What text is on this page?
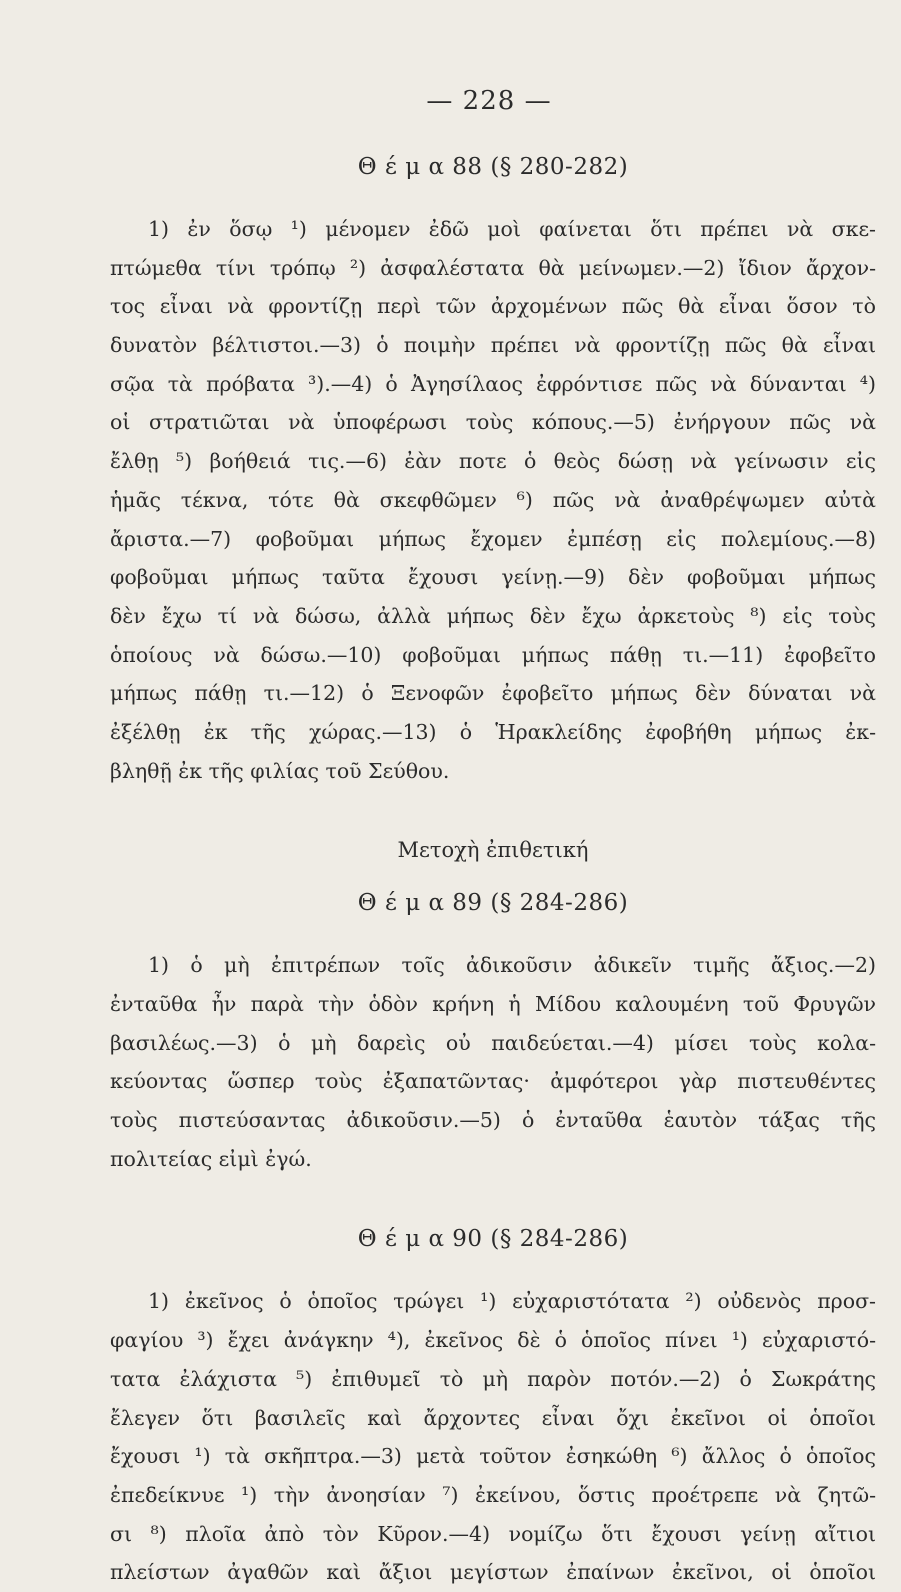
— 228 —
Θ έ μ α 88 (§ 280-282)
1) ἐν ὅσῳ ¹) μένομεν ἐδῶ μοὶ φαίνεται ὅτι πρέπει νὰ σκε-
πτώμεθα τίνι τρόπῳ ²) ἀσφαλέστατα θὰ μείνωμεν.—2) ἴδιον ἄρχον-
τος εἶναι νὰ φροντίζῃ περὶ τῶν ἀρχομένων πῶς θὰ εἶναι ὅσον τὸ
δυνατὸν βέλτιστοι.—3) ὁ ποιμὴν πρέπει νὰ φροντίζῃ πῶς θὰ εἶναι
σῷα τὰ πρόβατα ³).—4) ὁ Ἀγησίλαος ἐφρόντισε πῶς νὰ δύνανται ⁴)
οἱ στρατιῶται νὰ ὑποφέρωσι τοὺς κόπους.—5) ἐνήργουν πῶς νὰ
ἔλθῃ ⁵) βοήθειά τις.—6) ἐὰν ποτε ὁ θεὸς δώσῃ νὰ γείνωσιν εἰς
ἡμᾶς τέκνα, τότε θὰ σκεφθῶμεν ⁶) πῶς νὰ ἀναθρέψωμεν αὐτὰ
ἄριστα.—7) φοβοῦμαι μήπως ἔχομεν ἐμπέσῃ εἰς πολεμίους.—8)
φοβοῦμαι μήπως ταῦτα ἔχουσι γείνῃ.—9) δὲν φοβοῦμαι μήπως
δὲν ἔχω τί νὰ δώσω, ἀλλὰ μήπως δὲν ἔχω ἀρκετοὺς ⁸) εἰς τοὺς
ὁποίους νὰ δώσω.—10) φοβοῦμαι μήπως πάθῃ τι.—11) ἐφοβεῖτο
μήπως πάθῃ τι.—12) ὁ Ξενοφῶν ἐφοβεῖτο μήπως δὲν δύναται νὰ
ἐξέλθῃ ἐκ τῆς χώρας.—13) ὁ Ἡρακλείδης ἐφοβήθη μήπως ἐκ-
βληθῇ ἐκ τῆς φιλίας τοῦ Σεύθου.
Μετοχὴ ἐπιθετική
Θ έ μ α 89 (§ 284-286)
1) ὁ μὴ ἐπιτρέπων τοῖς ἀδικοῦσιν ἀδικεῖν τιμῆς ἄξιος.—2)
ἐνταῦθα ἦν παρὰ τὴν ὁδὸν κρήνη ἡ Μίδου καλουμένη τοῦ Φρυγῶν
βασιλέως.—3) ὁ μὴ δαρεὶς οὐ παιδεύεται.—4) μίσει τοὺς κολα-
κεύοντας ὥσπερ τοὺς ἐξαπατῶντας· ἀμφότεροι γὰρ πιστευθέντες
τοὺς πιστεύσαντας ἀδικοῦσιν.—5) ὁ ἐνταῦθα ἑαυτὸν τάξας τῆς
πολιτείας εἰμὶ ἐγώ.
Θ έ μ α 90 (§ 284-286)
1) ἐκεῖνος ὁ ὁποῖος τρώγει ¹) εὐχαριστότατα ²) οὐδενὸς προσ-
φαγίου ³) ἔχει ἀνάγκην ⁴), ἐκεῖνος δὲ ὁ ὁποῖος πίνει ¹) εὐχαριστό-
τατα ἐλάχιστα ⁵) ἐπιθυμεῖ τὸ μὴ παρὸν ποτόν.—2) ὁ Σωκράτης
ἔλεγεν ὅτι βασιλεῖς καὶ ἄρχοντες εἶναι ὄχι ἐκεῖνοι οἱ ὁποῖοι
ἔχουσι ¹) τὰ σκῆπτρα.—3) μετὰ τοῦτον ἐσηκώθη ⁶) ἄλλος ὁ ὁποῖος
ἐπεδείκνυε ¹) τὴν ἀνοησίαν ⁷) ἐκείνου, ὅστις προέτρεπε νὰ ζητῶ-
σι ⁸) πλοῖα ἀπὸ τὸν Κῦρον.—4) νομίζω ὅτι ἔχουσι γείνῃ αἴτιοι
πλείστων ἀγαθῶν καὶ ἄξιοι μεγίστων ἐπαίνων ἐκεῖνοι, οἱ ὁποῖοι
